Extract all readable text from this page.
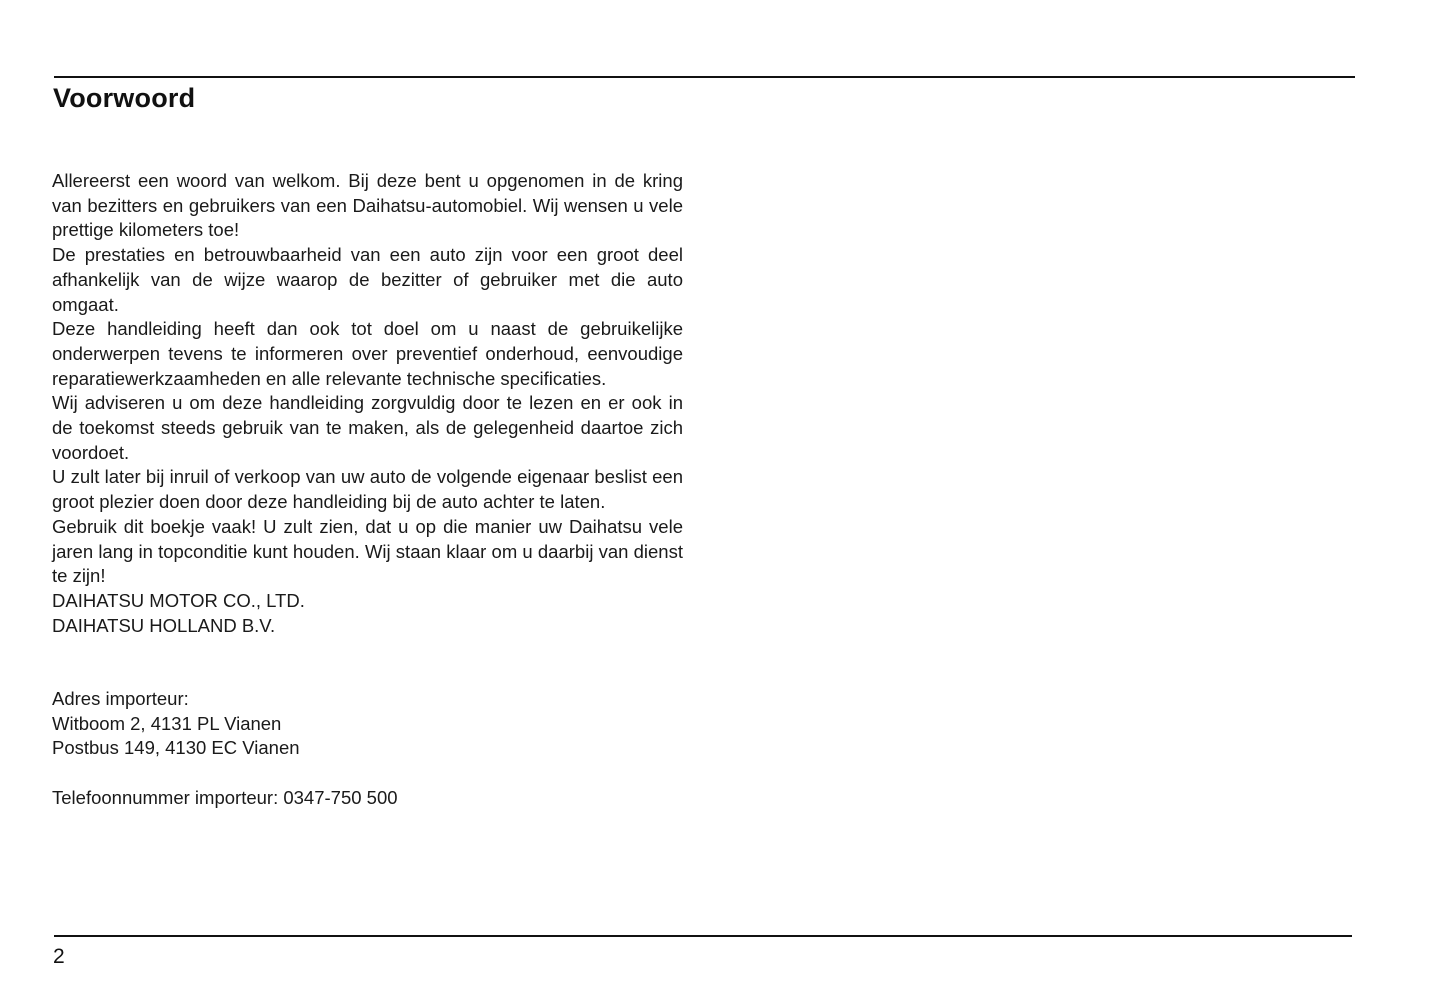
Voorwoord
Allereerst een woord van welkom. Bij deze bent u opgenomen in de kring
van bezitters en gebruikers van een Daihatsu-automobiel. Wij wensen u vele
prettige kilometers toe!
De prestaties en betrouwbaarheid van een auto zijn voor een groot deel
afhankelijk van de wijze waarop de bezitter of gebruiker met die auto omgaat.
Deze handleiding heeft dan ook tot doel om u naast de gebruikelijke
onderwerpen tevens te informeren over preventief onderhoud, eenvoudige
reparatiewerkzaamheden en alle relevante technische specificaties.
Wij adviseren u om deze handleiding zorgvuldig door te lezen en er ook in
de toekomst steeds gebruik van te maken, als de gelegenheid daartoe zich
voordoet.
U zult later bij inruil of verkoop van uw auto de volgende eigenaar beslist een
groot plezier doen door deze handleiding bij de auto achter te laten.
Gebruik dit boekje vaak! U zult zien, dat u op die manier uw Daihatsu vele
jaren lang in topconditie kunt houden. Wij staan klaar om u daarbij van dienst
te zijn!
DAIHATSU MOTOR CO., LTD.
DAIHATSU HOLLAND B.V.
Adres importeur:
Witboom 2, 4131 PL Vianen
Postbus 149, 4130 EC Vianen
Telefoonnummer importeur: 0347-750 500
2
